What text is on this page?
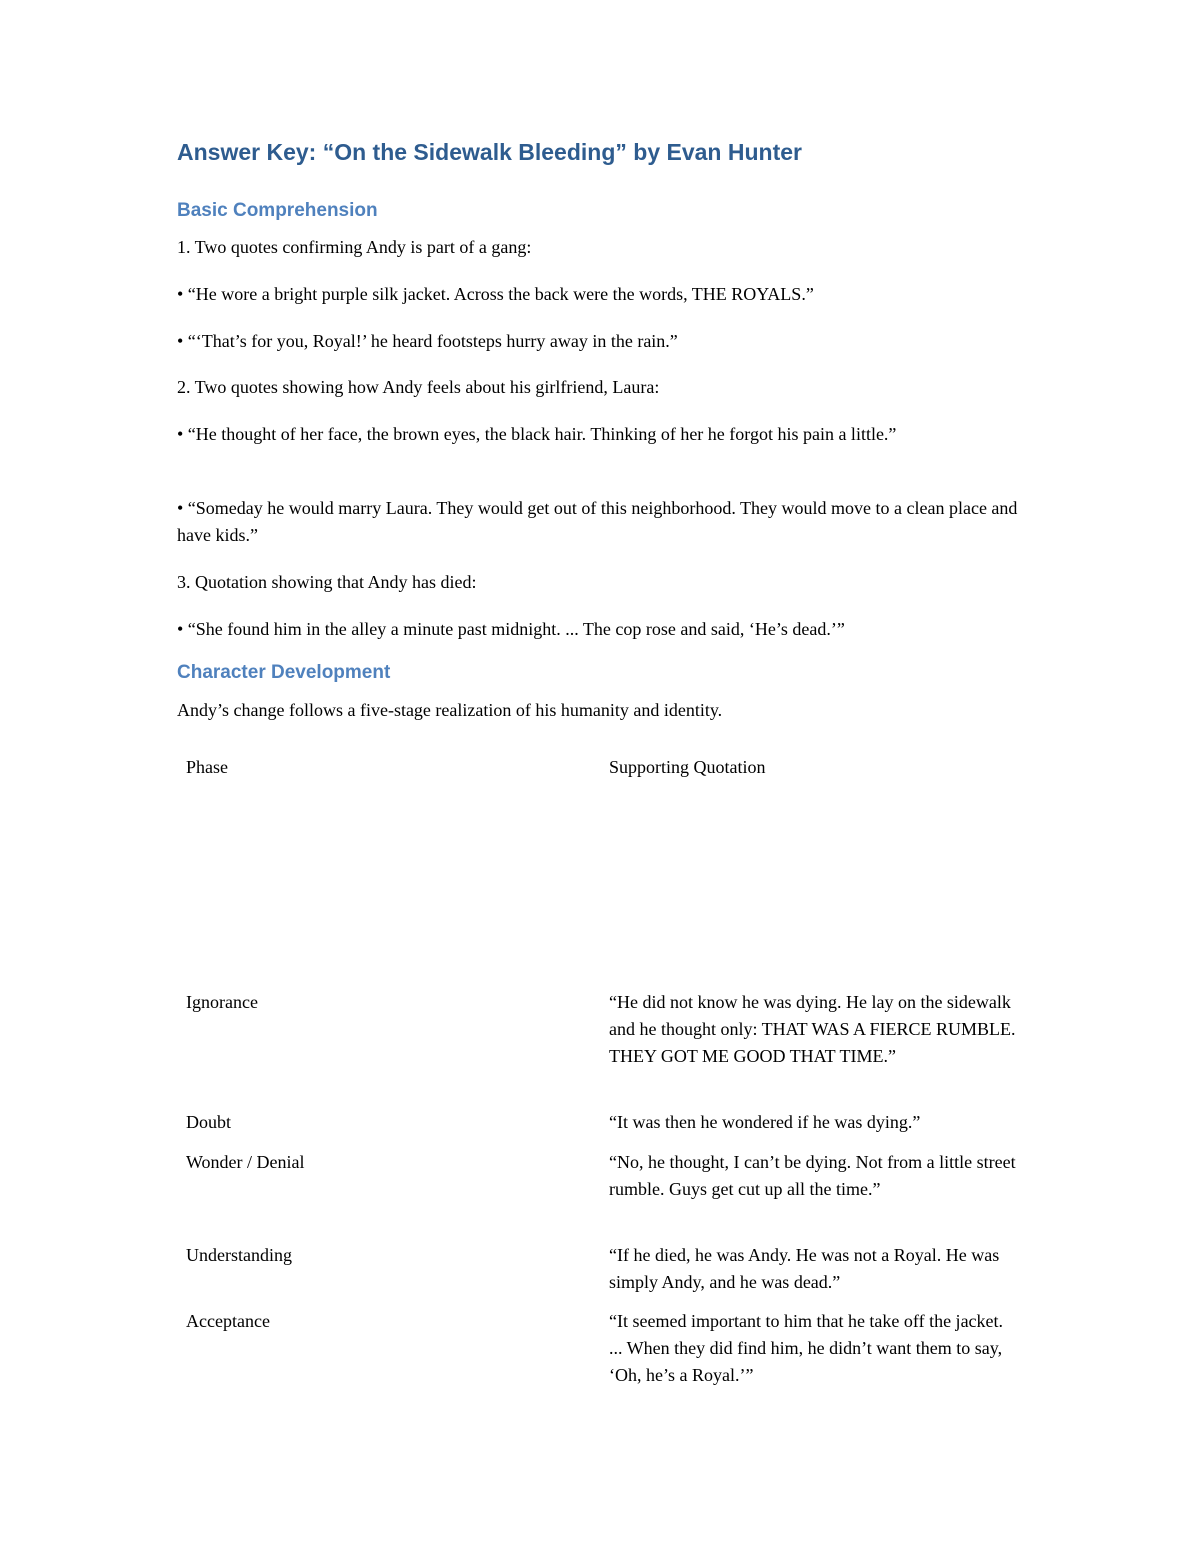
Answer Key: “On the Sidewalk Bleeding” by Evan Hunter
Basic Comprehension

1. Two quotes confirming Andy is part of a gang:

• “He wore a bright purple silk jacket. Across the back were the words, THE ROYALS.”

• “‘That’s for you, Royal!’ he heard footsteps hurry away in the rain.”

2. Two quotes showing how Andy feels about his girlfriend, Laura:

• “He thought of her face, the brown eyes, the black hair. Thinking of her he forgot his pain a little.”

• “Someday he would marry Laura. They would get out of this neighborhood. They would move to a clean place and have kids.”

3. Quotation showing that Andy has died:

• “She found him in the alley a minute past midnight. ... The cop rose and said, ‘He’s dead.’”

Character Development

Andy’s change follows a five-stage realization of his humanity and identity.

Phase	Supporting Quotation

Ignorance	“He did not know he was dying. He lay on the sidewalk and he thought only: THAT WAS A FIERCE RUMBLE. THEY GOT ME GOOD THAT TIME.”

Doubt	“It was then he wondered if he was dying.”

Wonder / Denial	“No, he thought, I can’t be dying. Not from a little street rumble. Guys get cut up all the time.”

Understanding	“If he died, he was Andy. He was not a Royal. He was simply Andy, and he was dead.”

Acceptance	“It seemed important to him that he take off the jacket. ... When they did find him, he didn’t want them to say, ‘Oh, he’s a Royal.’”
